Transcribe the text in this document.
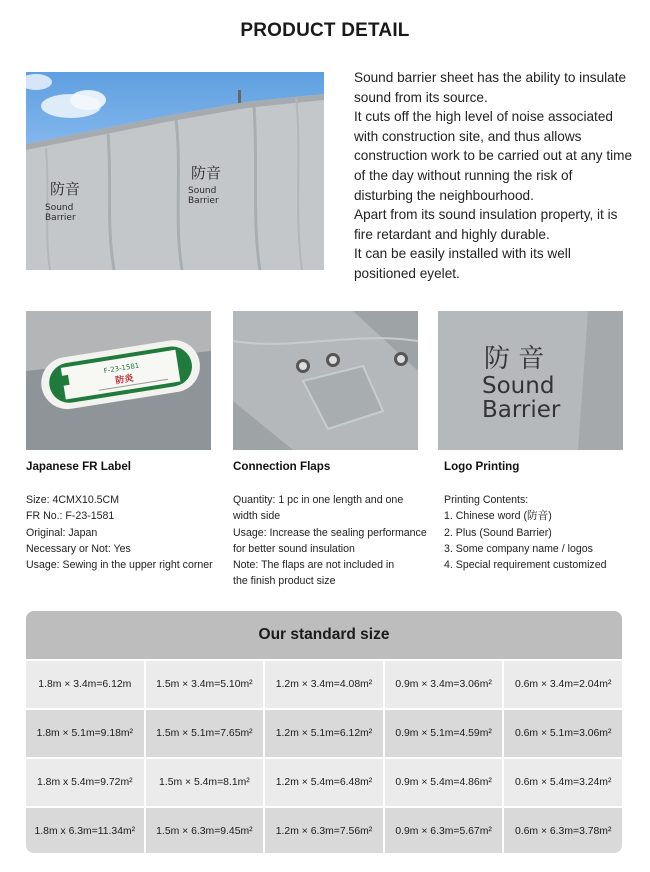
PRODUCT DETAIL
防音
Sound
Barrier
防音
Sound
Barrier

Sound barrier sheet has the ability to insulate sound from its source.

It cuts off the high level of noise associated with construction site, and thus allows construction work to be carried out at any time of the day without running the risk of disturbing the neighbourhood.

Apart from its sound insulation property, it is fire retardant and highly durable.

It can be easily installed with its well positioned eyelet.

F-23-1581
防炎
防 音
Sound
Barrier
Japanese FR Label
Size: 4CMX10.5CM
FR No.: F-23-1581
Original: Japan
Necessary or Not: Yes
Usage: Sewing in the upper right corner
Connection Flaps
Quantity: 1 pc in one length and one
width side
Usage: Increase the sealing performance
for better sound insulation
Note: The flaps are not included in
the finish product size
Logo Printing
Printing Contents:
1. Chinese word (防音)
2. Plus (Sound Barrier)
3. Some company name / logos
4. Special requirement customized
Our standard size
1.8m × 3.4m=6.12m	1.5m × 3.4m=5.10m²	1.2m × 3.4m=4.08m²	0.9m × 3.4m=3.06m²	0.6m × 3.4m=2.04m²
1.8m × 5.1m=9.18m²	1.5m × 5.1m=7.65m²	1.2m × 5.1m=6.12m²	0.9m × 5.1m=4.59m²	0.6m × 5.1m=3.06m²
1.8m x 5.4m=9.72m²	1.5m × 5.4m=8.1m²	1.2m × 5.4m=6.48m²	0.9m × 5.4m=4.86m²	0.6m × 5.4m=3.24m²
1.8m x 6.3m=11.34m²	1.5m × 6.3m=9.45m²	1.2m × 6.3m=7.56m²	0.9m × 6.3m=5.67m²	0.6m × 6.3m=3.78m²
